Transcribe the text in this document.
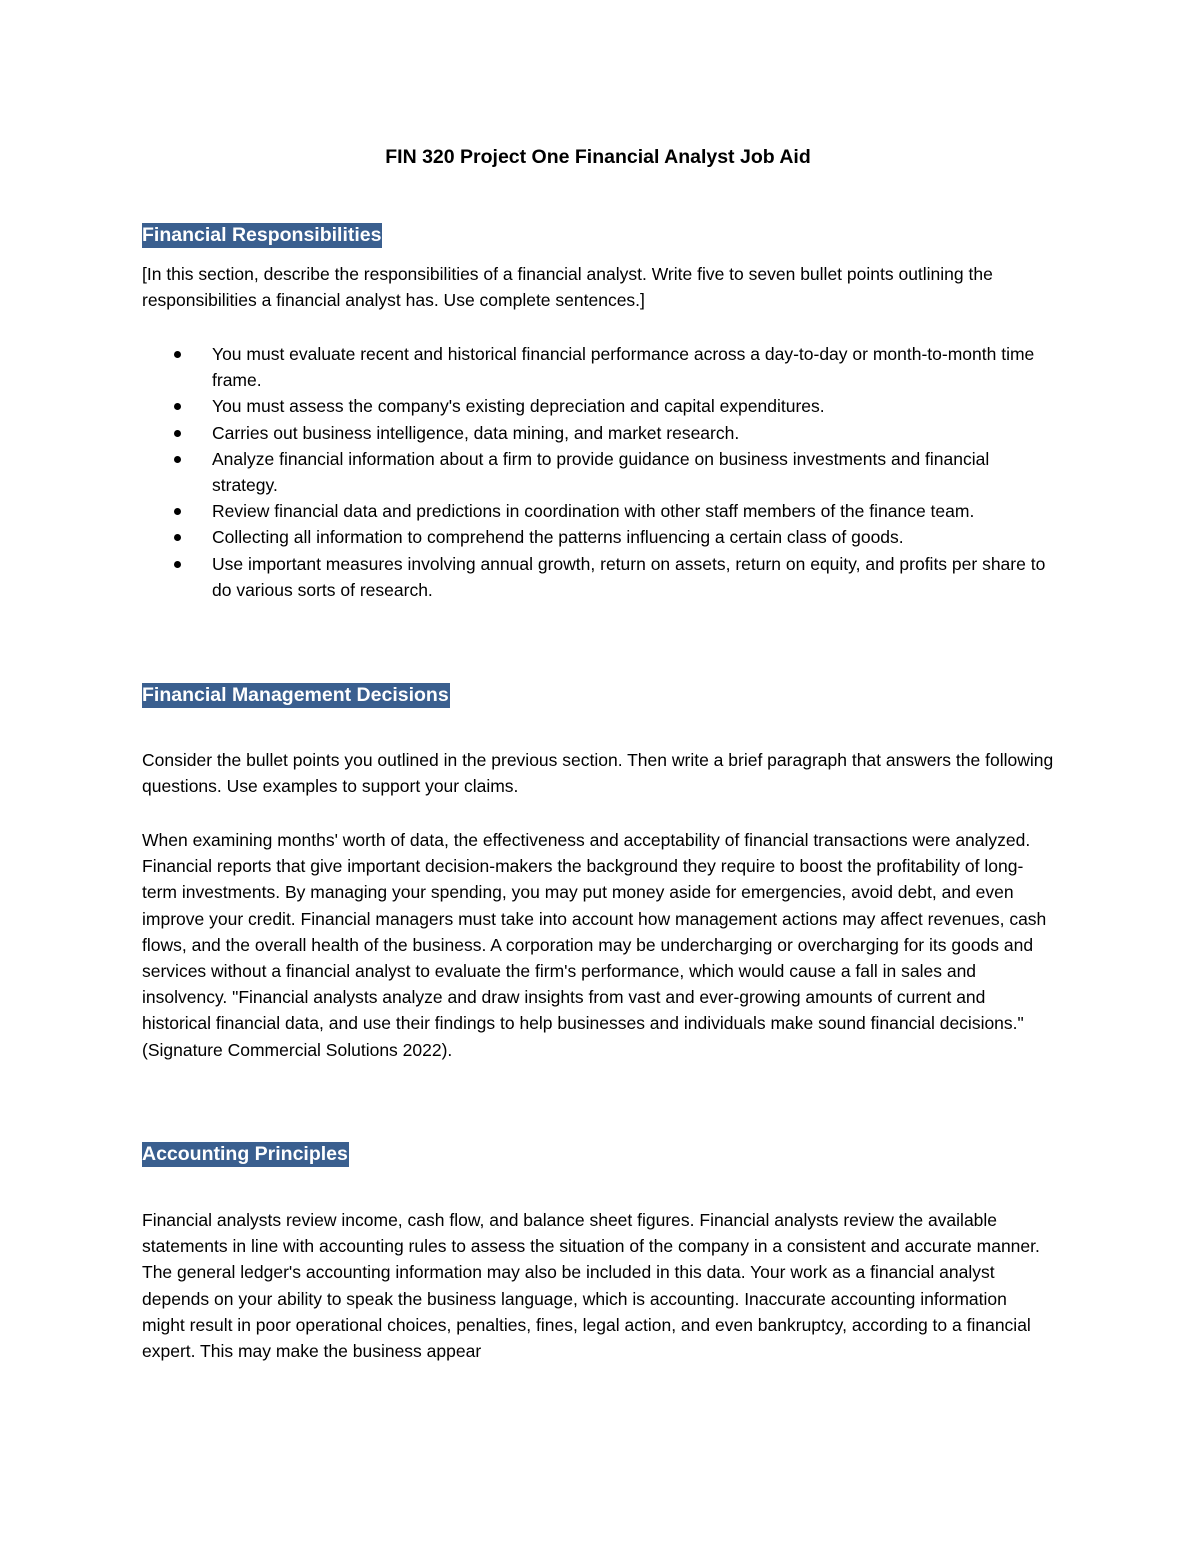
FIN 320 Project One Financial Analyst Job Aid
Financial Responsibilities

[In this section, describe the responsibilities of a financial analyst. Write five to seven bullet points outlining the responsibilities a financial analyst has. Use complete sentences.]

You must evaluate recent and historical financial performance across a day-to-day or month-to-month time frame.
You must assess the company's existing depreciation and capital expenditures.
Carries out business intelligence, data mining, and market research.
Analyze financial information about a firm to provide guidance on business investments and financial strategy.
Review financial data and predictions in coordination with other staff members of the finance team.
Collecting all information to comprehend the patterns influencing a certain class of goods.
Use important measures involving annual growth, return on assets, return on equity, and profits per share to do various sorts of research.
Financial Management Decisions

Consider the bullet points you outlined in the previous section. Then write a brief paragraph that answers the following questions. Use examples to support your claims.

When examining months' worth of data, the effectiveness and acceptability of financial transactions were analyzed. Financial reports that give important decision-makers the background they require to boost the profitability of long-term investments. By managing your spending, you may put money aside for emergencies, avoid debt, and even improve your credit. Financial managers must take into account how management actions may affect revenues, cash flows, and the overall health of the business. A corporation may be undercharging or overcharging for its goods and services without a financial analyst to evaluate the firm's performance, which would cause a fall in sales and insolvency. "Financial analysts analyze and draw insights from vast and ever-growing amounts of current and historical financial data, and use their findings to help businesses and individuals make sound financial decisions." (Signature Commercial Solutions 2022).

Accounting Principles

Financial analysts review income, cash flow, and balance sheet figures. Financial analysts review the available statements in line with accounting rules to assess the situation of the company in a consistent and accurate manner. The general ledger's accounting information may also be included in this data. Your work as a financial analyst depends on your ability to speak the business language, which is accounting. Inaccurate accounting information might result in poor operational choices, penalties, fines, legal action, and even bankruptcy, according to a financial expert. This may make the business appear
